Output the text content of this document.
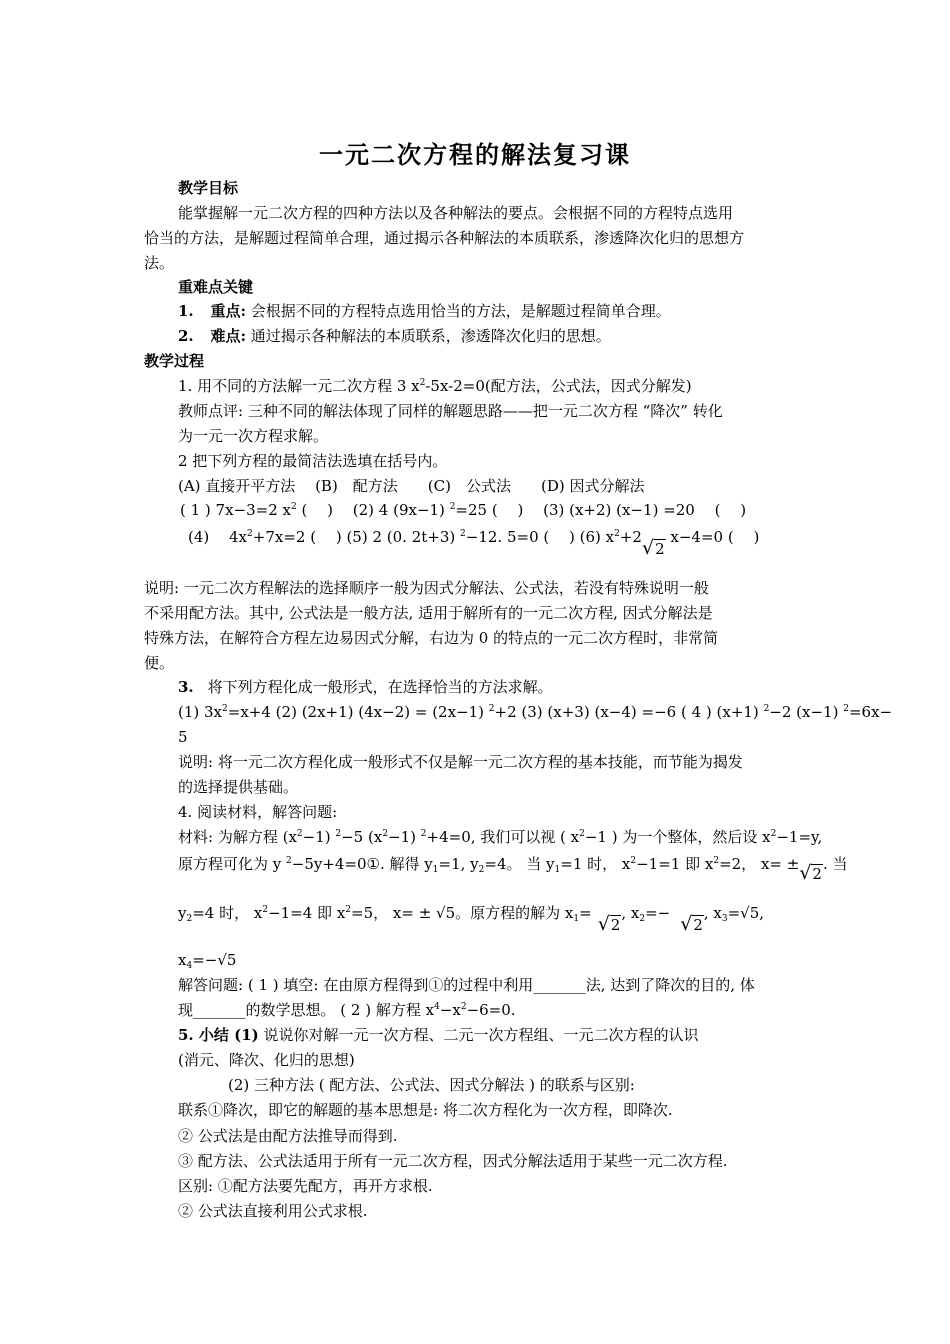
一元二次方程的解法复习课
教学目标
能掌握解一元二次方程的四种方法以及各种解法的要点。会根据不同的方程特点选用
恰当的方法，是解题过程简单合理，通过揭示各种解法的本质联系，渗透降次化归的思想方
法。
重难点关键
1. 重点: 会根据不同的方程特点选用恰当的方法，是解题过程简单合理。
2. 难点: 通过揭示各种解法的本质联系，渗透降次化归的思想。
教学过程
1. 用不同的方法解一元二次方程 3 $x^2-5x-2=0$(配方法，公式法，因式分解发)
教师点评: 三种不同的解法体现了同样的解题思路——把一元二次方程 “降次” 转化
为一元一次方程求解。
2 把下列方程的最简洁法选填在括号内。
(A) 直接开平方法　 (B)　配方法　　(C)　公式法　　(D) 因式分解法
( 1 ) 7x−3=2 $x^2$ (　 )　 (2) 4 (9x−1) $^2$=25 (　 )　 (3) (x+2) (x−1) =20　 (　 )
(4)　 $4x^2+7x=2$ (　 ) (5) 2 (0. 2t+3) $^2$−12. 5=0 (　 ) (6) $x^2+2√2$ x−4=0 (　 )
说明: 一元二次方程解法的选择顺序一般为因式分解法、公式法，若没有特殊说明一般
不采用配方法。其中, 公式法是一般方法, 适用于解所有的一元二次方程, 因式分解法是
特殊方法，在解符合方程左边易因式分解，右边为 0 的特点的一元二次方程时，非常简
便。
3. 将下列方程化成一般形式，在选择恰当的方法求解。
(1) $3x^2=x+4$ (2) (2x+1) (4x−2) = (2x−1) $^2$+2 (3) (x+3) (x−4) =−6 ( 4 ) (x+1) $^2$−2 (x−1) $^2$=6x−
5
说明: 将一元二次方程化成一般形式不仅是解一元二次方程的基本技能，而节能为揭发
的选择提供基础。
4. 阅读材料，解答问题:
材料: 为解方程 $(x^2-1)$ $^2$−5 $(x^2-1)$ $^2$+4=0, 我们可以视 ( $x^2-1$ ) 为一个整体，然后设 $x^2-1=y$,
原方程可化为 y $^2$−5y+4=0①. 解得 $y_1=1$, $y_2=4$。 当 $y_1=1$ 时， $x^2-1=1$ 即 $x^2=2$， x= ±√2. 当
$y_2=4$ 时， $x^2-1=4$ 即 $x^2=5$， x= ± √5。原方程的解为 $x_1= √2$, $x_2=- √2$, $x_3=√5$,
$x_4=-√5$
解答问题: ( 1 ) 填空: 在由原方程得到①的过程中利用_______法, 达到了降次的目的, 体
现_______的数学思想。 ( 2 ) 解方程 $x^4-x^2-6=0$.
5. 小结 (1) 说说你对解一元一次方程、二元一次方程组、一元二次方程的认识
(消元、降次、化归的思想)
(2) 三种方法 ( 配方法、公式法、因式分解法 ) 的联系与区别:
联系①降次，即它的解题的基本思想是: 将二次方程化为一次方程，即降次.
② 公式法是由配方法推导而得到.
③ 配方法、公式法适用于所有一元二次方程，因式分解法适用于某些一元二次方程.
区别: ①配方法要先配方，再开方求根.
② 公式法直接利用公式求根.
